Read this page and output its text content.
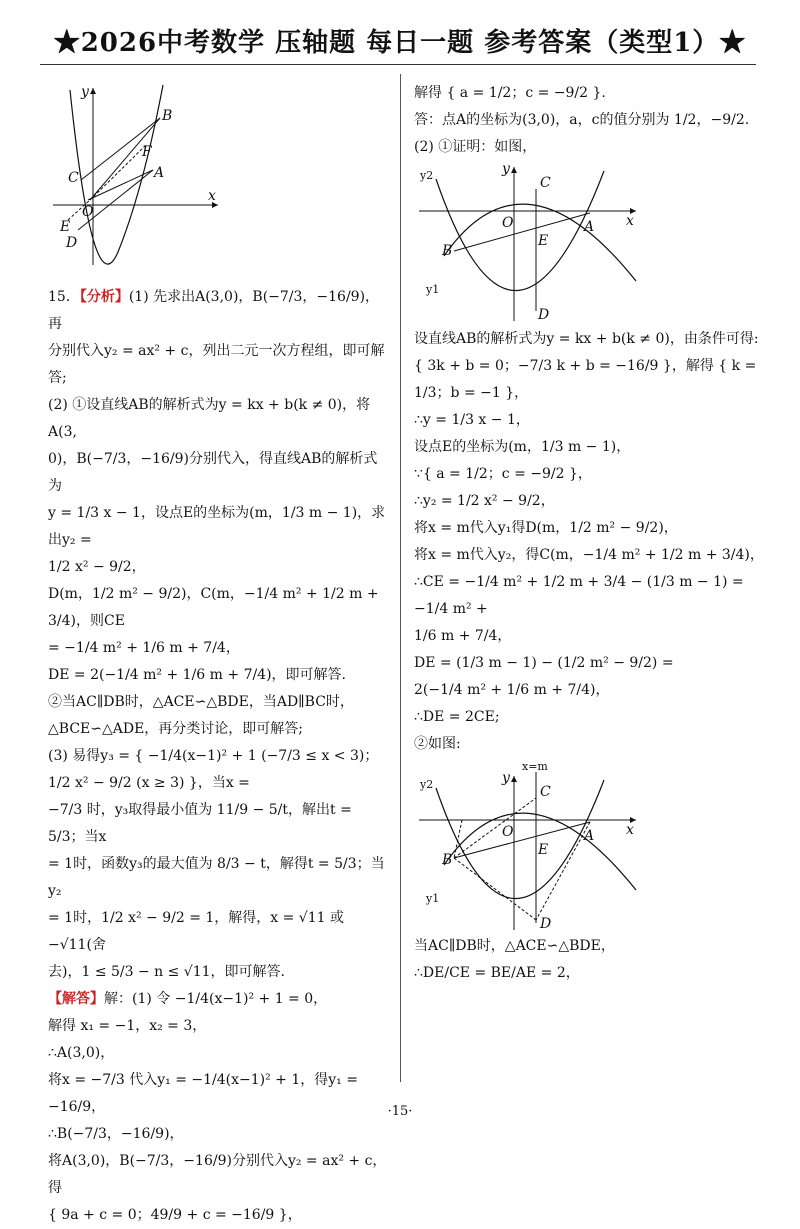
★2026中考数学 压轴题 每日一题 参考答案（类型1）★
y
B
C
F
A
O
x
E
D

15．【分析】(1) 先求出A(3,0)，B(−7/3，−16/9)，再

分别代入y₂ = ax² + c，列出二元一次方程组，即可解

答;

(2) ①设直线AB的解析式为y = kx + b(k ≠ 0)，将A(3,

0)，B(−7/3，−16/9)分别代入，得直线AB的解析式为

y = 1/3 x − 1，设点E的坐标为(m，1/3 m − 1)，求出y₂ =

1/2 x² − 9/2，

D(m，1/2 m² − 9/2)，C(m，−1/4 m² + 1/2 m + 3/4)，则CE

= −1/4 m² + 1/6 m + 7/4，

DE = 2(−1/4 m² + 1/6 m + 7/4)，即可解答.

②当AC∥DB时，△ACE∽△BDE，当AD∥BC时，

△BCE∽△ADE，再分类讨论，即可解答;

(3) 易得y₃ = { −1/4(x−1)² + 1 (−7/3 ≤ x < 3)；1/2 x² − 9/2 (x ≥ 3) }，当x =

−7/3 时，y₃取得最小值为 11/9 − 5/t，解出t = 5/3；当x

= 1时，函数y₃的最大值为 8/3 − t，解得t = 5/3；当y₂

= 1时，1/2 x² − 9/2 = 1，解得，x = √11 或 −√11(舍

去)，1 ≤ 5/3 − n ≤ √11，即可解答.

【解答】解：(1) 令 −1/4(x−1)² + 1 = 0，

解得 x₁ = −1，x₂ = 3，

∴A(3,0)，

将x = −7/3 代入y₁ = −1/4(x−1)² + 1，得y₁ = −16/9，

∴B(−7/3，−16/9)，

将A(3,0)，B(−7/3，−16/9)分别代入y₂ = ax² + c，得

{ 9a + c = 0；49/9 + c = −16/9 }，

解得 { a = 1/2；c = −9/2 }.

答：点A的坐标为(3,0)，a，c的值分别为 1/2，−9/2.

(2) ①证明：如图，

y2	y
C
x
O	A
B
E
y1
D

设直线AB的解析式为y = kx + b(k ≠ 0)，由条件可得:

{ 3k + b = 0；−7/3 k + b = −16/9 }，解得 { k = 1/3；b = −1 }，

∴y = 1/3 x − 1，

设点E的坐标为(m，1/3 m − 1)，

∵{ a = 1/2；c = −9/2 }，

∴y₂ = 1/2 x² − 9/2，

将x = m代入y₁得D(m，1/2 m² − 9/2)，

将x = m代入y₂，得C(m，−1/4 m² + 1/2 m + 3/4)，

∴CE = −1/4 m² + 1/2 m + 3/4 − (1/3 m − 1) = −1/4 m² +

1/6 m + 7/4，

DE = (1/3 m − 1) − (1/2 m² − 9/2) =

2(−1/4 m² + 1/6 m + 7/4)，

∴DE = 2CE;

②如图:

x=m
y2	y
C
O	A x
E
B
y1
D

当AC∥DB时，△ACE∽△BDE，

∴DE/CE = BE/AE = 2，

·15·
